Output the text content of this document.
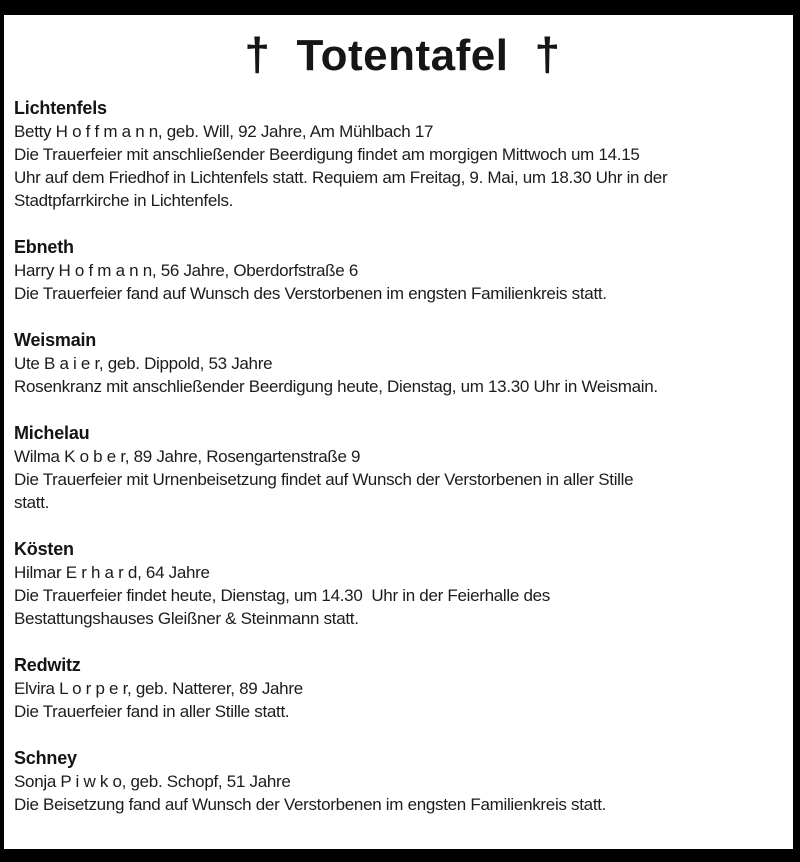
† Totentafel †
Lichtenfels
Betty H o f f m a n n, geb. Will, 92 Jahre, Am Mühlbach 17
Die Trauerfeier mit anschließender Beerdigung findet am morgigen Mittwoch um 14.15
Uhr auf dem Friedhof in Lichtenfels statt. Requiem am Freitag, 9. Mai, um 18.30 Uhr in der
Stadtpfarrkirche in Lichtenfels.
Ebneth
Harry H o f m a n n, 56 Jahre, Oberdorfstraße 6
Die Trauerfeier fand auf Wunsch des Verstorbenen im engsten Familienkreis statt.
Weismain
Ute B a i e r, geb. Dippold, 53 Jahre
Rosenkranz mit anschließender Beerdigung heute, Dienstag, um 13.30 Uhr in Weismain.
Michelau
Wilma K o b e r, 89 Jahre, Rosengartenstraße 9
Die Trauerfeier mit Urnenbeisetzung findet auf Wunsch der Verstorbenen in aller Stille
statt.
Kösten
Hilmar E r h a r d, 64 Jahre
Die Trauerfeier findet heute, Dienstag, um 14.30  Uhr in der Feierhalle des
Bestattungshauses Gleißner & Steinmann statt.
Redwitz
Elvira L o r p e r, geb. Natterer, 89 Jahre
Die Trauerfeier fand in aller Stille statt.
Schney
Sonja P i w k o, geb. Schopf, 51 Jahre
Die Beisetzung fand auf Wunsch der Verstorbenen im engsten Familienkreis statt.
